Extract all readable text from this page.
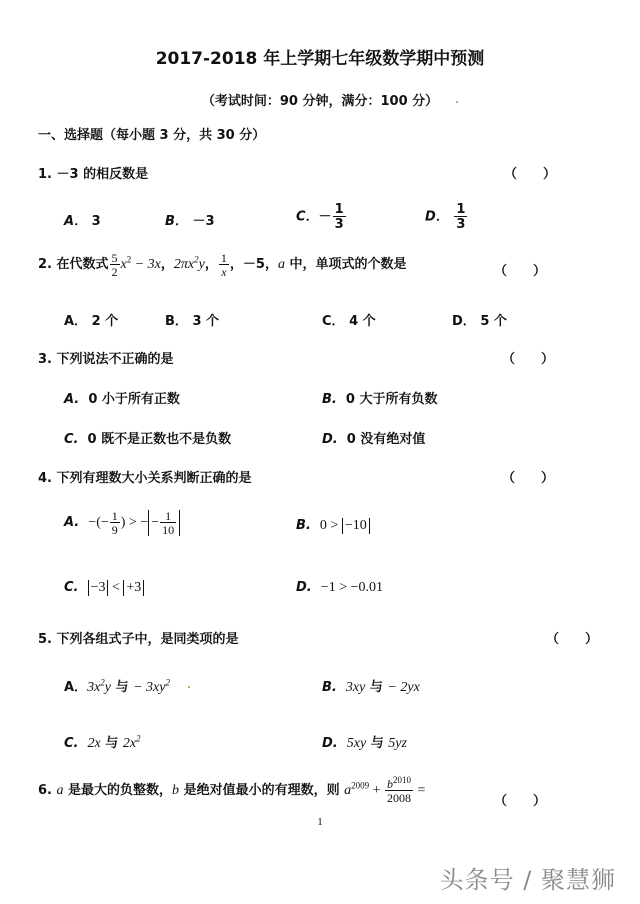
2017-2018 年上学期七年级数学期中预测
（考试时间：90 分钟，满分：100 分）
一、选择题（每小题 3 分，共 30 分）
1. －3 的相反数是	（　　）
A． 3	B． －3	C．－ $\frac{1}{3}$	D． $\frac{1}{3}$
2. 在代数式 $\frac{5}{2} x^2 - 3x$，$2\pi x^2y$， $\frac{1}{x}$ ，－5，a 中，单项式的个数是	（　　）
A． 2 个	B． 3 个	C． 4 个	D． 5 个
3. 下列说法不正确的是	（　　）
A. 0 小于所有正数	B. 0 大于所有负数
C. 0 既不是正数也不是负数	D. 0 没有绝对值
4. 下列有理数大小关系判断正确的是	（　　）
A. −(− $\frac{1}{9}$ ) > − − $\frac{1}{10}$	B. 0 > −10
C. −3 < +3	D. −1 > −0.01
5. 下列各组式子中，是同类项的是	（　　）
A．$3x^2y$ 与 − $3xy^2$	B. 3xy 与 − 2yx
C. 2x 与 $2x^2$	D. 5xy 与 5yz
6. a 是最大的负整数，b 是绝对值最小的有理数，则 $a^{2009} + \frac{b^{2010}}{2008}$ =
（　　）
1
头条号 / 聚慧狮
